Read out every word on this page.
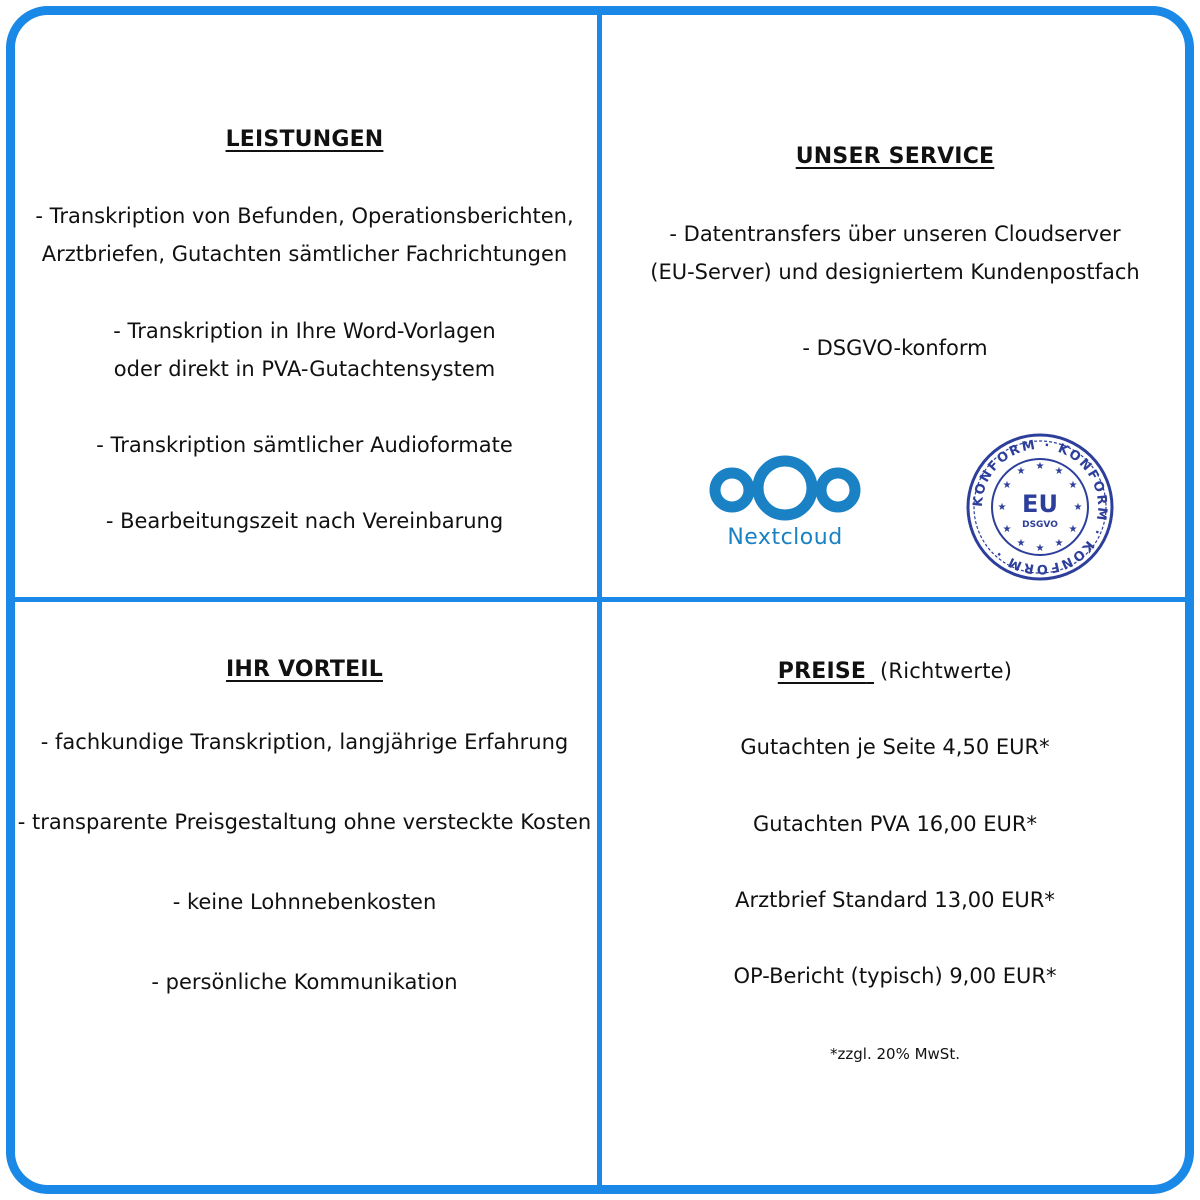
LEISTUNGEN
- Transkription von Befunden, Operationsberichten,
Arztbriefen, Gutachten sämtlicher Fachrichtungen
- Transkription in Ihre Word-Vorlagen
oder direkt in PVA-Gutachtensystem
- Transkription sämtlicher Audioformate
- Bearbeitungszeit nach Vereinbarung
UNSER SERVICE
- Datentransfers über unseren Cloudserver
(EU-Server) und designiertem Kundenpostfach
- DSGVO-konform
Nextcloud
KONFORM · KONFORM · KONFORM ·
★ ★
★
★
★
★
★
★
★
★
★
★
EU
DSGVO
IHR VORTEIL
- fachkundige Transkription, langjährige Erfahrung
- transparente Preisgestaltung ohne versteckte Kosten
- keine Lohnnebenkosten
- persönliche Kommunikation
PREISE (Richtwerte)
Gutachten je Seite 4,50 EUR*
Gutachten PVA 16,00 EUR*
Arztbrief Standard 13,00 EUR*
OP-Bericht (typisch) 9,00 EUR*
*zzgl. 20% MwSt.
